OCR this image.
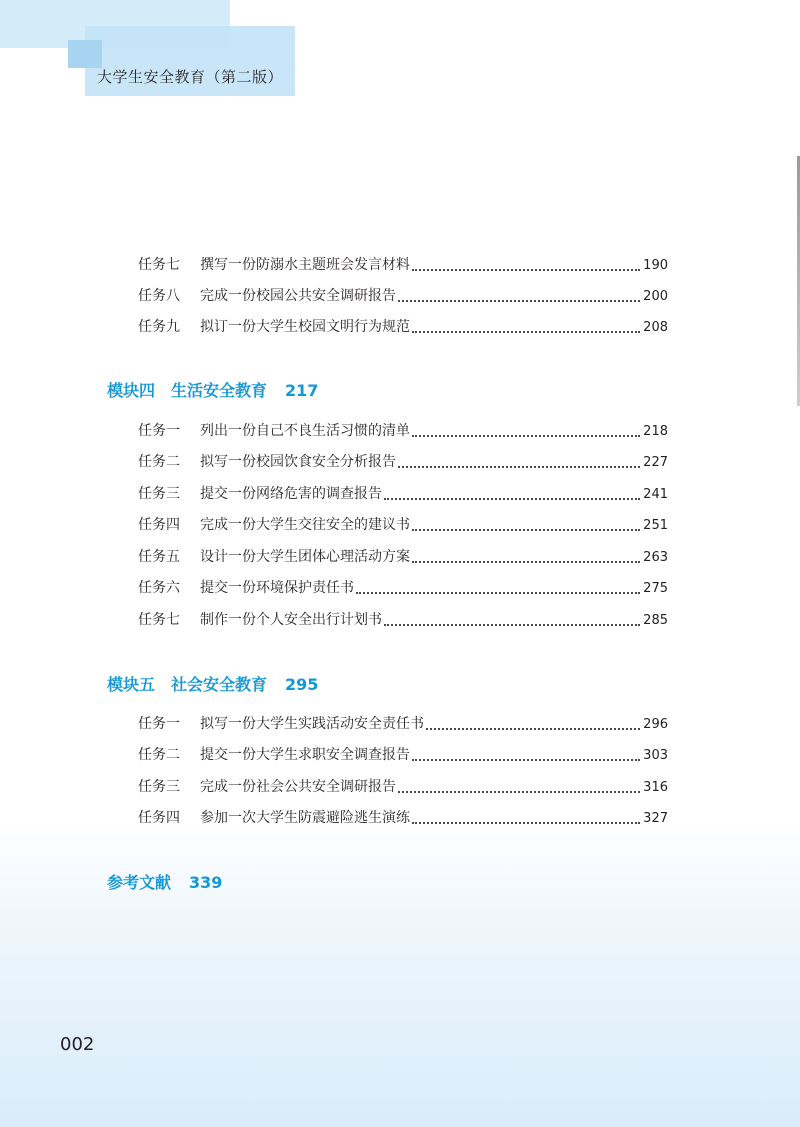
大学生安全教育（第二版）
任务七	撰写一份防溺水主题班会发言材料	190
任务八	完成一份校园公共安全调研报告	200
任务九	拟订一份大学生校园文明行为规范	208
模块四 生活安全教育 217
任务一	列出一份自己不良生活习惯的清单	218
任务二	拟写一份校园饮食安全分析报告	227
任务三	提交一份网络危害的调查报告	241
任务四	完成一份大学生交往安全的建议书	251
任务五	设计一份大学生团体心理活动方案	263
任务六	提交一份环境保护责任书	275
任务七	制作一份个人安全出行计划书	285
模块五 社会安全教育 295
任务一	拟写一份大学生实践活动安全责任书	296
任务二	提交一份大学生求职安全调查报告	303
任务三	完成一份社会公共安全调研报告	316
任务四	参加一次大学生防震避险逃生演练	327
参考文献 339
002
